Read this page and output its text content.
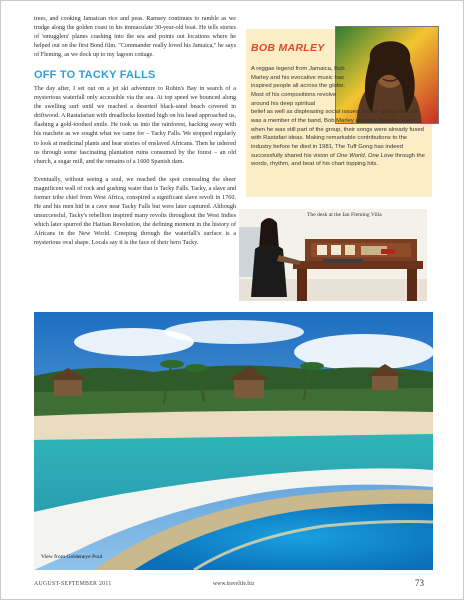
trees, and cooking Jamaican rice and peas. Ramsey continues to ramble as we trudge along the golden coast in his immaculate 30-year-old boat. He tells stories of 'smugglers' planes crashing into the sea and points out locations where he helped out on the first Bond film. "Commander really loved his Jamaica," he says of Fleming, as we dock up to my lagoon cottage.

OFF TO TACKY FALLS

The day after, I set out on a jet ski adventure to Robin's Bay in search of a mysterious waterfall only accessible via the sea. At top speed we bounced along the swelling surf until we reached a deserted black-sand beach covered in driftwood. A Rastafarian with dreadlocks knotted high on his head approached us, flashing a gold-toothed smile. He took us into the rainforest, hacking away with his machete as we sought what we came for – Tacky Falls. We stopped regularly to look at medicinal plants and hear stories of enslaved Africans. Then he ushered us through some fascinating plantation ruins consumed by the forest – an old church, a sugar mill, and the remains of a 1600 Spanish dam.

Eventually, without seeing a soul, we reached the spot concealing the sheer magnificent wall of rock and gushing water that is Tacky Falls. Tacky, a slave and former tribe chief from West Africa, conspired a significant slave revolt in 1760. He and his men hid in a cave near Tacky Falls but were later captured. Although unsuccessful, Tacky's rebellion inspired many revolts throughout the West Indies which later spurred the Haitian Revolution, the defining moment in the history of Africans in the New World. Creeping through the waterfall's surface is a mysterious oval shape. Locals say it is the face of their hero Tacky.

BOB MARLEY
A reggae legend from Jamaica, Bob Marley and his evocative music has inspired people all across the globe. Most of his compositions revolve around his deep spiritual
belief as well as displeasing social issues. Before going solo, he was a member of the band, Bob Marley and The Wailers. Even when he was still part of the group, their songs were already fused with Rastafari ideas. Making remarkable contributions to the industry before he died in 1981, The Tuff Gong has indeed successfully shared his vision of One World, One Love through the words, rhythm, and beat of his chart topping hits.
The desk at the Ian Fleming Villa
View from Goldeneye Pool
AUGUST-SEPTEMBER 2011	www.travelife.biz	73
